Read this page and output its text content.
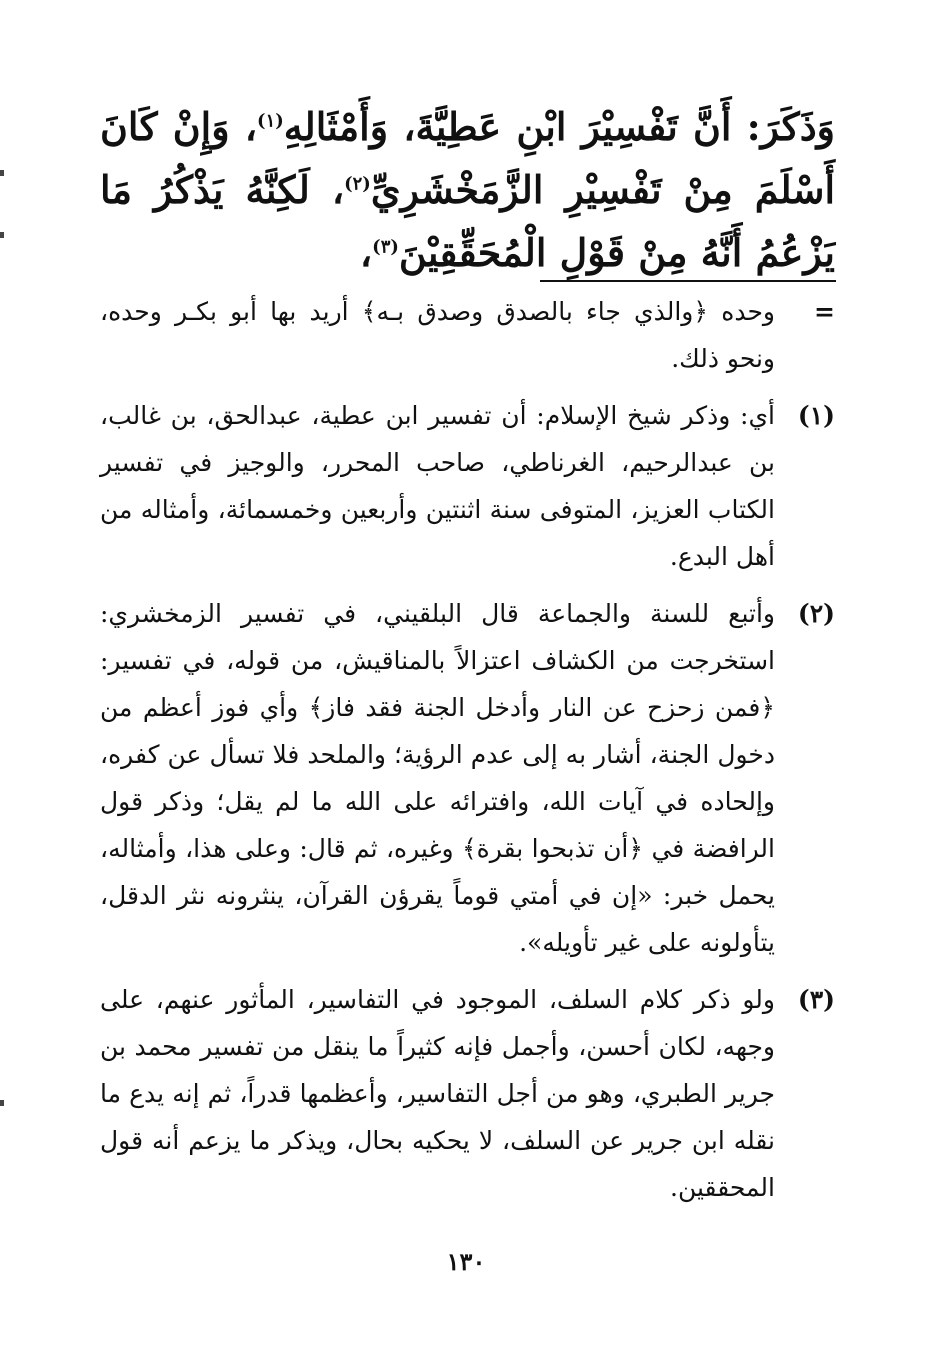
وَذَكَرَ: أَنَّ تَفْسِيْرَ ابْنِ عَطِيَّةَ، وَأَمْثَالِهِ$^{(١)}$، وَإِنْ كَانَ أَسْلَمَ مِنْ تَفْسِيْرِ الزَّمَخْشَرِيِّ$^{(٢)}$، لَكِنَّهُ يَذْكُرُ مَا يَزْعُمُ أَنَّهُ مِنْ قَوْلِ الْمُحَقِّقِيْنَ$^{(٣)}$،

=
وحده ﴿والذي جاء بالصدق وصدق بـه﴾ أريد بها أبو بكـر وحده، ونحو ذلك.
(١)
أي: وذكر شيخ الإسلام: أن تفسير ابن عطية، عبدالحق، بن غالب، بن عبدالرحيم، الغرناطي، صاحب المحرر، والوجيز في تفسير الكتاب العزيز، المتوفى سنة اثنتين وأربعين وخمسمائة، وأمثاله من أهل البدع.
(٢)
وأتبع للسنة والجماعة قال البلقيني، في تفسير الزمخشري: استخرجت من الكشاف اعتزالاً بالمناقيش، من قوله، في تفسير: ﴿فمن زحزح عن النار وأدخل الجنة فقد فاز﴾ وأي فوز أعظم من دخول الجنة، أشار به إلى عدم الرؤية؛ والملحد فلا تسأل عن كفره، وإلحاده في آيات الله، وافترائه على الله ما لم يقل؛ وذكر قول الرافضة في ﴿أن تذبحوا بقرة﴾ وغيره، ثم قال: وعلى هذا، وأمثاله، يحمل خبر: «إن في أمتي قوماً يقرؤن القرآن، ينثرونه نثر الدقل، يتأولونه على غير تأويله».
(٣)
ولو ذكر كلام السلف، الموجود في التفاسير، المأثور عنهم، على وجهه، لكان أحسن، وأجمل فإنه كثيراً ما ينقل من تفسير محمد بن جرير الطبري، وهو من أجل التفاسير، وأعظمها قدراً، ثم إنه يدع ما نقله ابن جرير عن السلف، لا يحكيه بحال، ويذكر ما يزعم أنه قول المحققين.
١٣٠
